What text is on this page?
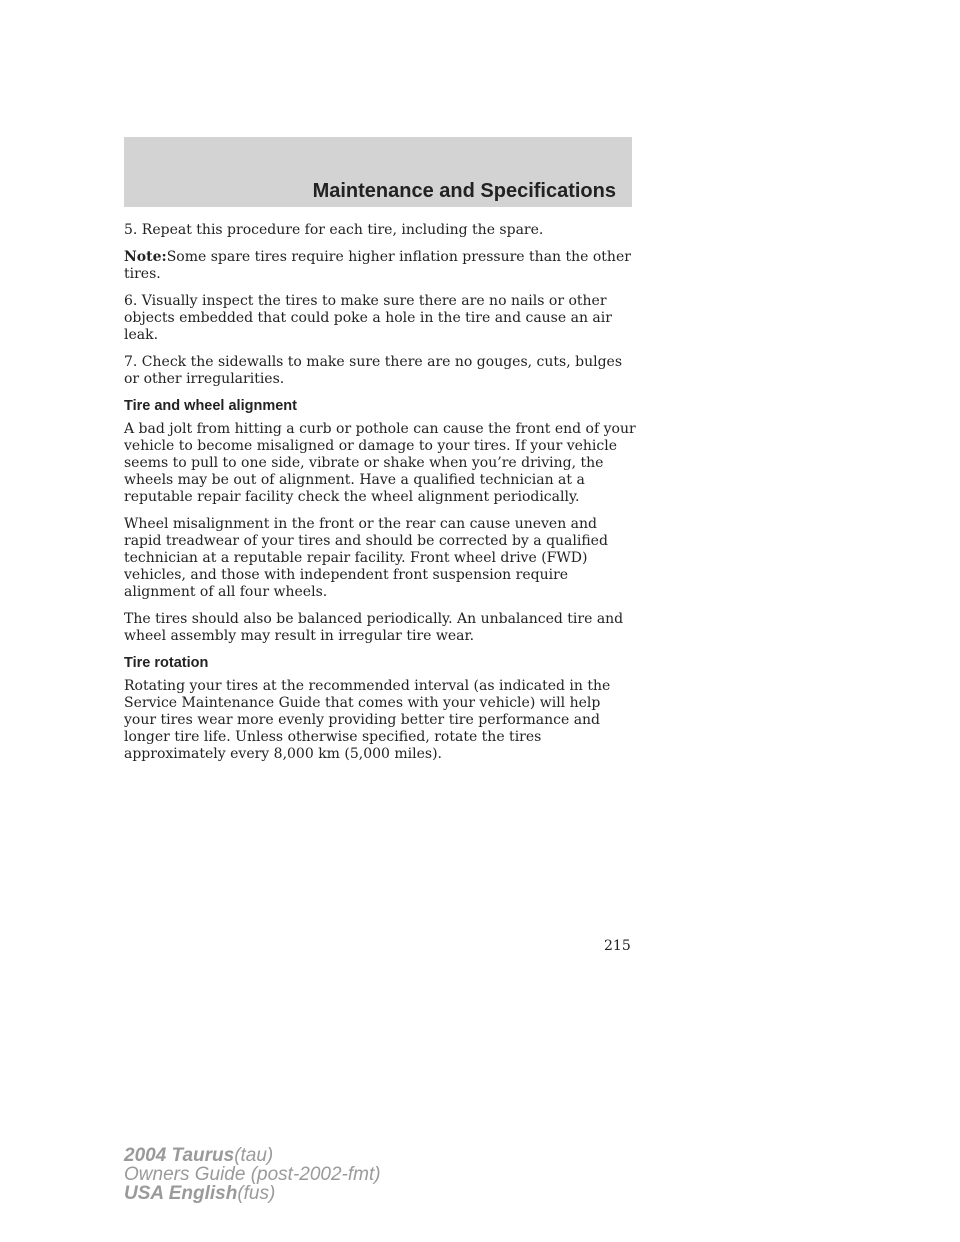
Maintenance and Specifications

5. Repeat this procedure for each tire, including the spare.

Note:Some spare tires require higher inflation pressure than the other tires.

6. Visually inspect the tires to make sure there are no nails or other objects embedded that could poke a hole in the tire and cause an air leak.

7. Check the sidewalls to make sure there are no gouges, cuts, bulges or other irregularities.

Tire and wheel alignment

A bad jolt from hitting a curb or pothole can cause the front end of your vehicle to become misaligned or damage to your tires. If your vehicle seems to pull to one side, vibrate or shake when you’re driving, the wheels may be out of alignment. Have a qualified technician at a reputable repair facility check the wheel alignment periodically.

Wheel misalignment in the front or the rear can cause uneven and rapid treadwear of your tires and should be corrected by a qualified technician at a reputable repair facility. Front wheel drive (FWD) vehicles, and those with independent front suspension require alignment of all four wheels.

The tires should also be balanced periodically. An unbalanced tire and wheel assembly may result in irregular tire wear.

Tire rotation

Rotating your tires at the recommended interval (as indicated in the Service Maintenance Guide that comes with your vehicle) will help your tires wear more evenly providing better tire performance and longer tire life. Unless otherwise specified, rotate the tires approximately every 8,000 km (5,000 miles).

215
2004 Taurus(tau)
Owners Guide (post-2002-fmt)
USA English(fus)
